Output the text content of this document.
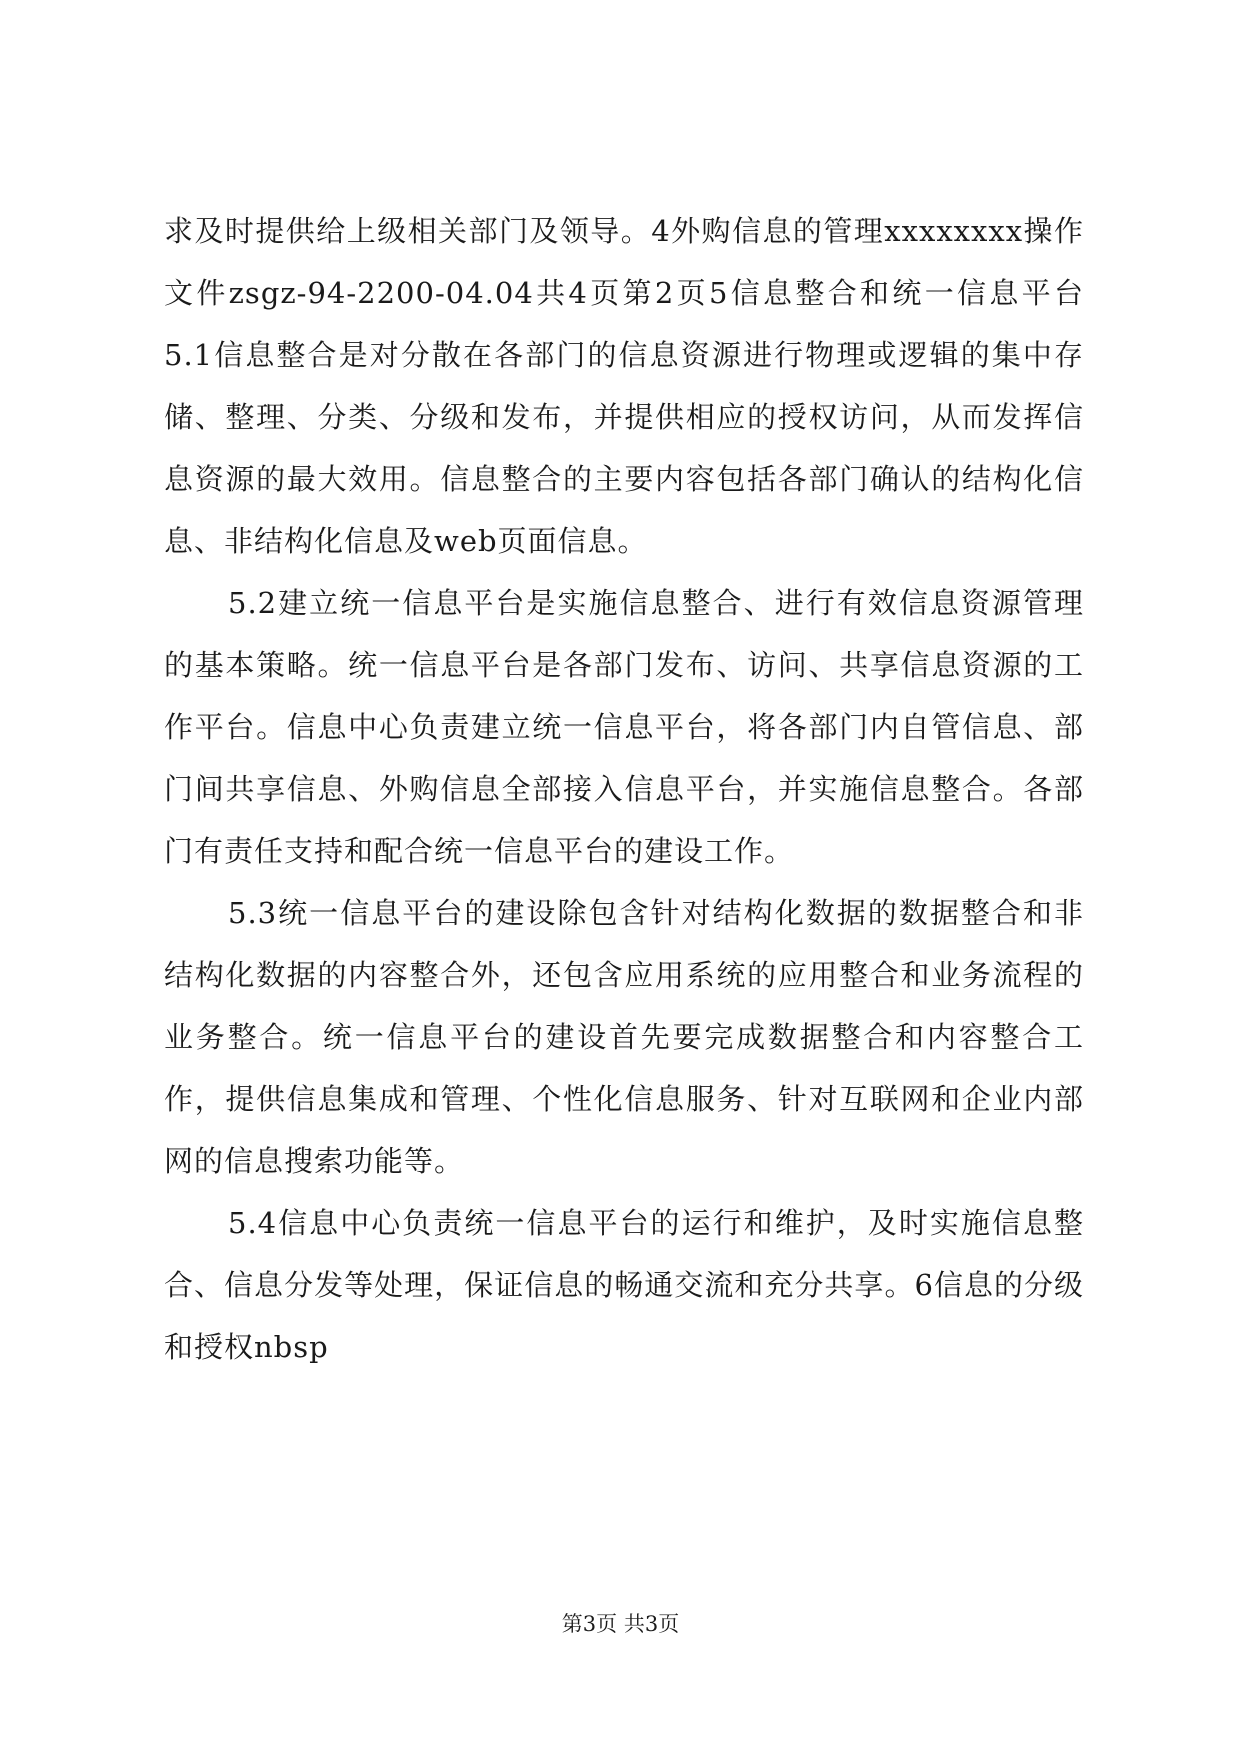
求及时提供给上级相关部门及领导。4外购信息的管理xxxxxxxx操作文件zsgz-94-2200-04.04共4页第2页5信息整合和统一信息平台5.1信息整合是对分散在各部门的信息资源进行物理或逻辑的集中存储、整理、分类、分级和发布，并提供相应的授权访问，从而发挥信息资源的最大效用。信息整合的主要内容包括各部门确认的结构化信息、非结构化信息及web页面信息。

5.2建立统一信息平台是实施信息整合、进行有效信息资源管理的基本策略。统一信息平台是各部门发布、访问、共享信息资源的工作平台。信息中心负责建立统一信息平台，将各部门内自管信息、部门间共享信息、外购信息全部接入信息平台，并实施信息整合。各部门有责任支持和配合统一信息平台的建设工作。

5.3统一信息平台的建设除包含针对结构化数据的数据整合和非结构化数据的内容整合外，还包含应用系统的应用整合和业务流程的业务整合。统一信息平台的建设首先要完成数据整合和内容整合工作，提供信息集成和管理、个性化信息服务、针对互联网和企业内部网的信息搜索功能等。

5.4信息中心负责统一信息平台的运行和维护，及时实施信息整合、信息分发等处理，保证信息的畅通交流和充分共享。6信息的分级和授权nbsp

第3页 共3页
